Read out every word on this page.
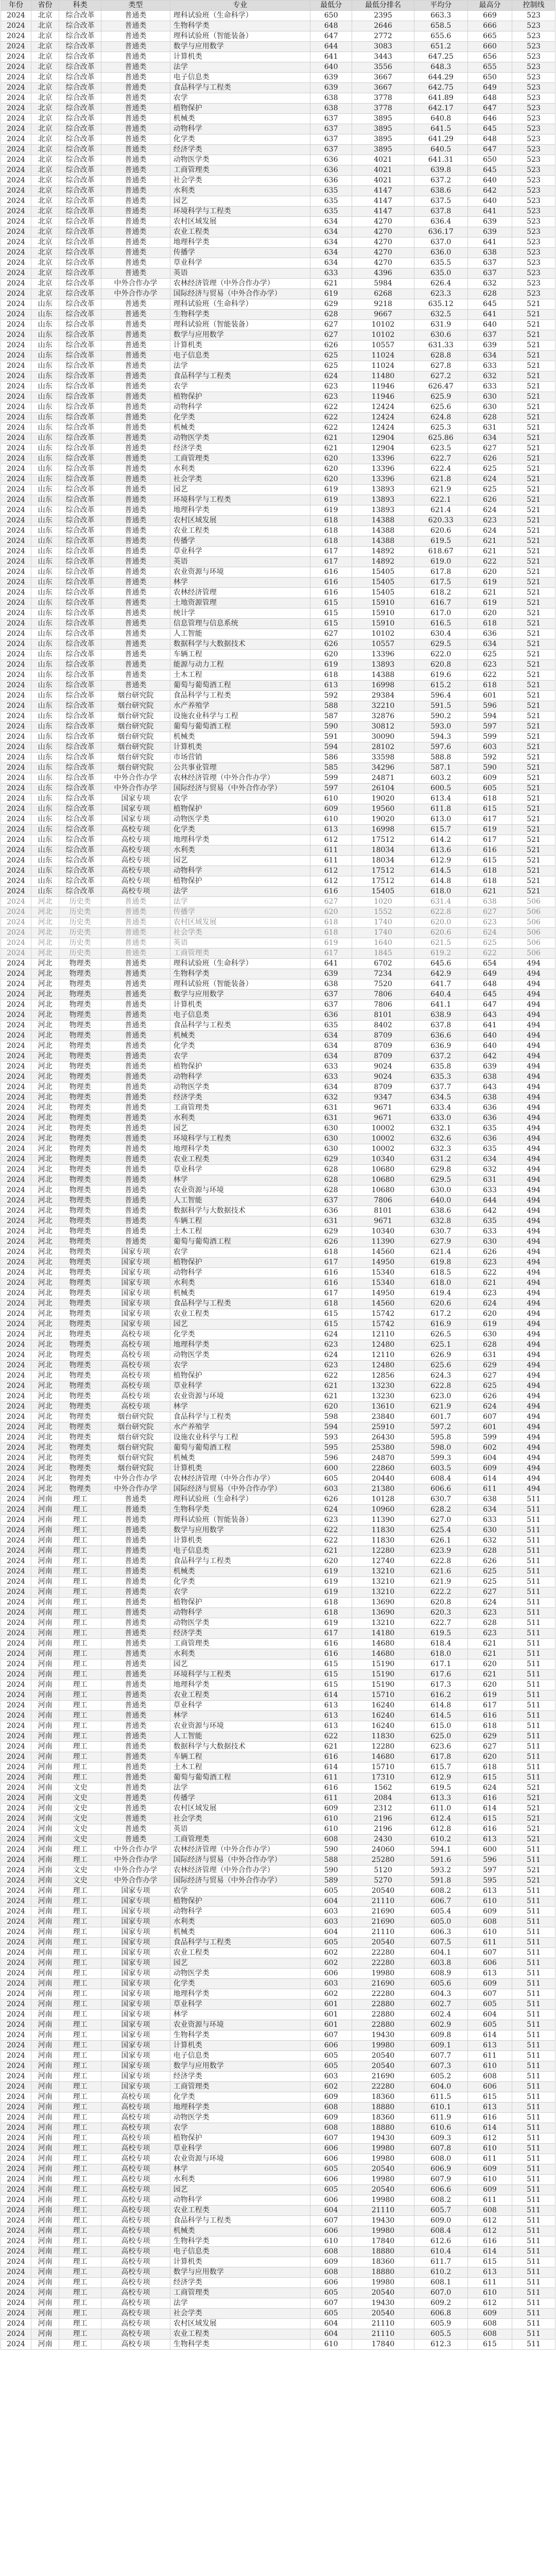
年份	省份	科类	类型	专业	最低分	最低分排名	平均分	最高分	控制线
2024	北京	综合改革	普通类	理科试验班（生命科学）	650	2395	663.3	669	523
2024	北京	综合改革	普通类	生物科学类	648	2646	658.5	666	523
2024	北京	综合改革	普通类	理科试验班（智能装备）	647	2772	655.6	665	523
2024	北京	综合改革	普通类	数学与应用数学	644	3083	651.2	660	523
2024	北京	综合改革	普通类	计算机类	641	3443	647.25	656	523
2024	北京	综合改革	普通类	法学	640	3556	648.3	655	523
2024	北京	综合改革	普通类	电子信息类	639	3667	644.29	650	523
2024	北京	综合改革	普通类	食品科学与工程类	639	3667	642.75	649	523
2024	北京	综合改革	普通类	农学	638	3778	641.89	648	523
2024	北京	综合改革	普通类	植物保护	638	3778	642.17	647	523
2024	北京	综合改革	普通类	机械类	637	3895	640.8	646	523
2024	北京	综合改革	普通类	动物科学	637	3895	641.5	645	523
2024	北京	综合改革	普通类	化学类	637	3895	641.29	648	523
2024	北京	综合改革	普通类	经济学类	637	3895	640.5	647	523
2024	北京	综合改革	普通类	动物医学类	636	4021	641.31	650	523
2024	北京	综合改革	普通类	工商管理类	636	4021	639.8	645	523
2024	北京	综合改革	普通类	社会学类	636	4021	637.2	640	523
2024	北京	综合改革	普通类	水利类	635	4147	638.6	642	523
2024	北京	综合改革	普通类	园艺	635	4147	637.5	640	523
2024	北京	综合改革	普通类	环境科学与工程类	635	4147	637.8	641	523
2024	北京	综合改革	普通类	农村区域发展	634	4270	636.4	639	523
2024	北京	综合改革	普通类	农业工程类	634	4270	636.17	639	523
2024	北京	综合改革	普通类	地理科学类	634	4270	637.0	641	523
2024	北京	综合改革	普通类	传播学	634	4270	636.0	638	523
2024	北京	综合改革	普通类	草业科学	634	4270	635.5	637	523
2024	北京	综合改革	普通类	英语	633	4396	635.0	637	523
2024	北京	综合改革	中外合作办学	农林经济管理（中外合作办学）	621	5984	626.4	632	523
2024	北京	综合改革	中外合作办学	国际经济与贸易（中外合作办学）	619	6268	623.3	628	523
2024	山东	综合改革	普通类	理科试验班（生命科学）	629	9218	635.12	645	521
2024	山东	综合改革	普通类	生物科学类	628	9667	632.5	641	521
2024	山东	综合改革	普通类	理科试验班（智能装备）	627	10102	631.9	640	521
2024	山东	综合改革	普通类	数学与应用数学	627	10102	630.6	637	521
2024	山东	综合改革	普通类	计算机类	626	10557	631.33	639	521
2024	山东	综合改革	普通类	电子信息类	625	11024	628.8	634	521
2024	山东	综合改革	普通类	法学	625	11024	627.8	633	521
2024	山东	综合改革	普通类	食品科学与工程类	624	11480	627.2	632	521
2024	山东	综合改革	普通类	农学	623	11946	626.47	633	521
2024	山东	综合改革	普通类	植物保护	623	11946	625.9	630	521
2024	山东	综合改革	普通类	动物科学	622	12424	625.6	630	521
2024	山东	综合改革	普通类	化学类	622	12424	624.8	628	521
2024	山东	综合改革	普通类	机械类	622	12424	625.3	631	521
2024	山东	综合改革	普通类	动物医学类	621	12904	625.86	634	521
2024	山东	综合改革	普通类	经济学类	621	12904	623.5	627	521
2024	山东	综合改革	普通类	工商管理类	620	13396	622.7	626	521
2024	山东	综合改革	普通类	水利类	620	13396	622.4	625	521
2024	山东	综合改革	普通类	社会学类	620	13396	621.8	624	521
2024	山东	综合改革	普通类	园艺	619	13893	621.9	625	521
2024	山东	综合改革	普通类	环境科学与工程类	619	13893	622.1	626	521
2024	山东	综合改革	普通类	地理科学类	619	13893	621.4	624	521
2024	山东	综合改革	普通类	农村区域发展	618	14388	620.33	623	521
2024	山东	综合改革	普通类	农业工程类	618	14388	620.6	624	521
2024	山东	综合改革	普通类	传播学	618	14388	619.5	621	521
2024	山东	综合改革	普通类	草业科学	617	14892	618.67	621	521
2024	山东	综合改革	普通类	英语	617	14892	619.0	622	521
2024	山东	综合改革	普通类	农业资源与环境	616	15405	617.8	620	521
2024	山东	综合改革	普通类	林学	616	15405	617.5	619	521
2024	山东	综合改革	普通类	农林经济管理	616	15405	618.2	621	521
2024	山东	综合改革	普通类	土地资源管理	615	15910	616.7	619	521
2024	山东	综合改革	普通类	统计学	615	15910	617.0	620	521
2024	山东	综合改革	普通类	信息管理与信息系统	615	15910	616.5	618	521
2024	山东	综合改革	普通类	人工智能	627	10102	630.4	636	521
2024	山东	综合改革	普通类	数据科学与大数据技术	626	10557	629.5	634	521
2024	山东	综合改革	普通类	车辆工程	620	13396	622.0	625	521
2024	山东	综合改革	普通类	能源与动力工程	619	13893	620.8	623	521
2024	山东	综合改革	普通类	土木工程	618	14388	619.6	622	521
2024	山东	综合改革	普通类	葡萄与葡萄酒工程	613	16998	615.2	618	521
2024	山东	综合改革	烟台研究院	食品科学与工程类	592	29384	596.4	601	521
2024	山东	综合改革	烟台研究院	水产养殖学	588	32210	591.5	596	521
2024	山东	综合改革	烟台研究院	设施农业科学与工程	587	32876	590.2	594	521
2024	山东	综合改革	烟台研究院	葡萄与葡萄酒工程	590	30812	593.0	597	521
2024	山东	综合改革	烟台研究院	机械类	591	30090	594.3	599	521
2024	山东	综合改革	烟台研究院	计算机类	594	28102	597.6	603	521
2024	山东	综合改革	烟台研究院	市场营销	586	33598	588.8	592	521
2024	山东	综合改革	烟台研究院	公共事业管理	585	34296	587.1	590	521
2024	山东	综合改革	中外合作办学	农林经济管理（中外合作办学）	599	24871	603.2	609	521
2024	山东	综合改革	中外合作办学	国际经济与贸易（中外合作办学）	597	26104	600.5	605	521
2024	山东	综合改革	国家专项	农学	610	19020	613.4	618	521
2024	山东	综合改革	国家专项	植物保护	609	19560	611.8	615	521
2024	山东	综合改革	国家专项	动物医学类	610	19020	613.0	617	521
2024	山东	综合改革	高校专项	化学类	613	16998	615.7	619	521
2024	山东	综合改革	高校专项	地理科学类	612	17512	614.2	617	521
2024	山东	综合改革	高校专项	水利类	611	18034	613.6	616	521
2024	山东	综合改革	高校专项	园艺	611	18034	612.9	615	521
2024	山东	综合改革	高校专项	动物科学	612	17512	614.5	618	521
2024	山东	综合改革	高校专项	植物保护	612	17512	614.8	618	521
2024	山东	综合改革	高校专项	法学	616	15405	618.0	621	521
2024	河北	历史类	普通类	法学	627	1020	631.4	638	506
2024	河北	历史类	普通类	传播学	620	1552	622.8	627	506
2024	河北	历史类	普通类	农村区域发展	618	1740	620.0	623	506
2024	河北	历史类	普通类	社会学类	618	1740	620.6	624	506
2024	河北	历史类	普通类	英语	619	1640	621.5	625	506
2024	河北	历史类	普通类	工商管理类	617	1845	619.2	622	506
2024	河北	物理类	普通类	理科试验班（生命科学）	641	6702	645.6	654	494
2024	河北	物理类	普通类	生物科学类	639	7234	642.9	649	494
2024	河北	物理类	普通类	理科试验班（智能装备）	638	7520	641.7	648	494
2024	河北	物理类	普通类	数学与应用数学	637	7806	640.4	645	494
2024	河北	物理类	普通类	计算机类	637	7806	641.1	647	494
2024	河北	物理类	普通类	电子信息类	636	8101	638.9	643	494
2024	河北	物理类	普通类	食品科学与工程类	635	8402	637.8	641	494
2024	河北	物理类	普通类	机械类	634	8709	636.6	640	494
2024	河北	物理类	普通类	化学类	634	8709	636.9	640	494
2024	河北	物理类	普通类	农学	634	8709	637.2	642	494
2024	河北	物理类	普通类	植物保护	633	9024	635.8	639	494
2024	河北	物理类	普通类	动物科学	633	9024	635.3	638	494
2024	河北	物理类	普通类	动物医学类	634	8709	637.7	643	494
2024	河北	物理类	普通类	经济学类	632	9347	634.5	638	494
2024	河北	物理类	普通类	工商管理类	631	9671	633.4	636	494
2024	河北	物理类	普通类	水利类	631	9671	633.0	636	494
2024	河北	物理类	普通类	园艺	630	10002	632.1	635	494
2024	河北	物理类	普通类	环境科学与工程类	630	10002	632.6	636	494
2024	河北	物理类	普通类	地理科学类	630	10002	632.3	635	494
2024	河北	物理类	普通类	农业工程类	629	10340	631.2	634	494
2024	河北	物理类	普通类	草业科学	628	10680	629.8	632	494
2024	河北	物理类	普通类	林学	628	10680	629.5	631	494
2024	河北	物理类	普通类	农业资源与环境	628	10680	630.0	633	494
2024	河北	物理类	普通类	人工智能	637	7806	640.0	644	494
2024	河北	物理类	普通类	数据科学与大数据技术	636	8101	638.6	642	494
2024	河北	物理类	普通类	车辆工程	631	9671	632.8	635	494
2024	河北	物理类	普通类	土木工程	629	10340	630.7	633	494
2024	河北	物理类	普通类	葡萄与葡萄酒工程	626	11390	627.9	630	494
2024	河北	物理类	国家专项	农学	618	14560	621.4	626	494
2024	河北	物理类	国家专项	植物保护	617	14950	619.8	623	494
2024	河北	物理类	国家专项	动物科学	616	15340	618.5	622	494
2024	河北	物理类	国家专项	水利类	616	15340	618.0	621	494
2024	河北	物理类	国家专项	机械类	617	14950	619.4	623	494
2024	河北	物理类	国家专项	食品科学与工程类	618	14560	620.6	624	494
2024	河北	物理类	国家专项	农业工程类	615	15742	617.2	620	494
2024	河北	物理类	国家专项	园艺	615	15742	616.9	619	494
2024	河北	物理类	高校专项	化学类	624	12110	626.5	630	494
2024	河北	物理类	高校专项	地理科学类	623	12480	625.1	628	494
2024	河北	物理类	高校专项	动物医学类	624	12110	626.9	631	494
2024	河北	物理类	高校专项	农学	623	12480	625.6	629	494
2024	河北	物理类	高校专项	植物保护	622	12856	624.3	627	494
2024	河北	物理类	高校专项	草业科学	621	13230	622.8	625	494
2024	河北	物理类	高校专项	农业资源与环境	621	13230	623.0	626	494
2024	河北	物理类	高校专项	林学	620	13610	621.9	624	494
2024	河北	物理类	烟台研究院	食品科学与工程类	598	23840	601.7	607	494
2024	河北	物理类	烟台研究院	水产养殖学	594	25910	597.2	601	494
2024	河北	物理类	烟台研究院	设施农业科学与工程	593	26430	595.8	599	494
2024	河北	物理类	烟台研究院	葡萄与葡萄酒工程	595	25380	598.0	602	494
2024	河北	物理类	烟台研究院	机械类	596	24870	599.3	604	494
2024	河北	物理类	烟台研究院	计算机类	600	22860	603.5	609	494
2024	河北	物理类	中外合作办学	农林经济管理（中外合作办学）	605	20440	608.4	614	494
2024	河北	物理类	中外合作办学	国际经济与贸易（中外合作办学）	603	21380	606.6	611	494
2024	河南	理工	普通类	理科试验班（生命科学）	626	10128	630.7	638	511
2024	河南	理工	普通类	生物科学类	624	10960	628.2	634	511
2024	河南	理工	普通类	理科试验班（智能装备）	623	11390	627.0	633	511
2024	河南	理工	普通类	数学与应用数学	622	11830	625.4	630	511
2024	河南	理工	普通类	计算机类	622	11830	626.1	632	511
2024	河南	理工	普通类	电子信息类	621	12280	623.9	628	511
2024	河南	理工	普通类	食品科学与工程类	620	12740	622.8	626	511
2024	河南	理工	普通类	机械类	619	13210	621.6	625	511
2024	河南	理工	普通类	化学类	619	13210	621.9	625	511
2024	河南	理工	普通类	农学	619	13210	622.2	627	511
2024	河南	理工	普通类	植物保护	618	13690	620.8	624	511
2024	河南	理工	普通类	动物科学	618	13690	620.3	623	511
2024	河南	理工	普通类	动物医学类	619	13210	622.7	628	511
2024	河南	理工	普通类	经济学类	617	14180	619.5	623	511
2024	河南	理工	普通类	工商管理类	616	14680	618.4	621	511
2024	河南	理工	普通类	水利类	616	14680	618.0	621	511
2024	河南	理工	普通类	园艺	615	15190	617.1	620	511
2024	河南	理工	普通类	环境科学与工程类	615	15190	617.6	621	511
2024	河南	理工	普通类	地理科学类	615	15190	617.3	620	511
2024	河南	理工	普通类	农业工程类	614	15710	616.2	619	511
2024	河南	理工	普通类	草业科学	613	16240	614.8	617	511
2024	河南	理工	普通类	林学	613	16240	614.5	616	511
2024	河南	理工	普通类	农业资源与环境	613	16240	615.0	618	511
2024	河南	理工	普通类	人工智能	622	11830	625.0	629	511
2024	河南	理工	普通类	数据科学与大数据技术	621	12280	623.6	627	511
2024	河南	理工	普通类	车辆工程	616	14680	617.8	620	511
2024	河南	理工	普通类	土木工程	614	15710	615.7	618	511
2024	河南	理工	普通类	葡萄与葡萄酒工程	611	17310	612.9	615	511
2024	河南	文史	普通类	法学	616	1562	619.5	624	521
2024	河南	文史	普通类	传播学	611	2084	613.3	616	521
2024	河南	文史	普通类	农村区域发展	609	2312	611.0	614	521
2024	河南	文史	普通类	社会学类	610	2196	612.4	615	521
2024	河南	文史	普通类	英语	610	2196	612.8	616	521
2024	河南	文史	普通类	工商管理类	608	2430	610.2	613	521
2024	河南	理工	中外合作办学	农林经济管理（中外合作办学）	590	24060	594.1	600	511
2024	河南	理工	中外合作办学	国际经济与贸易（中外合作办学）	588	25280	591.6	596	511
2024	河南	文史	中外合作办学	农林经济管理（中外合作办学）	590	5120	593.2	597	521
2024	河南	文史	中外合作办学	国际经济与贸易（中外合作办学）	589	5270	591.8	595	521
2024	河南	理工	国家专项	农学	605	20540	608.2	613	511
2024	河南	理工	国家专项	植物保护	604	21110	606.7	610	511
2024	河南	理工	国家专项	动物科学	603	21690	605.4	609	511
2024	河南	理工	国家专项	水利类	603	21690	605.0	608	511
2024	河南	理工	国家专项	机械类	604	21110	606.3	610	511
2024	河南	理工	国家专项	食品科学与工程类	605	20540	607.5	611	511
2024	河南	理工	国家专项	农业工程类	602	22280	604.1	607	511
2024	河南	理工	国家专项	园艺	602	22280	603.8	606	511
2024	河南	理工	国家专项	动物医学类	606	19980	608.9	613	511
2024	河南	理工	国家专项	化学类	603	21690	605.6	609	511
2024	河南	理工	国家专项	地理科学类	602	22280	604.3	607	511
2024	河南	理工	国家专项	草业科学	601	22880	602.7	605	511
2024	河南	理工	国家专项	林学	601	22880	602.4	604	511
2024	河南	理工	国家专项	农业资源与环境	601	22880	602.9	605	511
2024	河南	理工	国家专项	生物科学类	607	19430	609.8	614	511
2024	河南	理工	国家专项	计算机类	606	19980	609.1	613	511
2024	河南	理工	国家专项	电子信息类	605	20540	607.7	611	511
2024	河南	理工	国家专项	数学与应用数学	605	20540	607.3	610	511
2024	河南	理工	国家专项	经济学类	603	21690	605.2	608	511
2024	河南	理工	国家专项	工商管理类	602	22280	604.0	606	511
2024	河南	理工	高校专项	化学类	609	18360	611.5	615	511
2024	河南	理工	高校专项	地理科学类	608	18880	610.1	613	511
2024	河南	理工	高校专项	动物医学类	609	18360	611.9	616	511
2024	河南	理工	高校专项	农学	608	18880	610.6	614	511
2024	河南	理工	高校专项	植物保护	607	19430	609.3	612	511
2024	河南	理工	高校专项	草业科学	606	19980	607.8	610	511
2024	河南	理工	高校专项	农业资源与环境	606	19980	608.0	611	511
2024	河南	理工	高校专项	林学	605	20540	606.9	609	511
2024	河南	理工	高校专项	水利类	606	19980	607.9	610	511
2024	河南	理工	高校专项	园艺	605	20540	606.6	609	511
2024	河南	理工	高校专项	动物科学	606	19980	608.2	611	511
2024	河南	理工	高校专项	农业工程类	604	21110	605.7	608	511
2024	河南	理工	高校专项	食品科学与工程类	607	19430	609.0	612	511
2024	河南	理工	高校专项	机械类	606	19980	608.4	612	511
2024	河南	理工	高校专项	生物科学类	610	17840	612.6	616	511
2024	河南	理工	高校专项	电子信息类	608	18880	610.4	614	511
2024	河南	理工	高校专项	计算机类	609	18360	611.7	615	511
2024	河南	理工	高校专项	数学与应用数学	608	18880	610.2	613	511
2024	河南	理工	高校专项	经济学类	606	19980	608.1	611	511
2024	河南	理工	高校专项	工商管理类	605	20540	607.0	610	511
2024	河南	理工	高校专项	法学	607	19430	609.2	612	511
2024	河南	理工	高校专项	社会学类	605	20540	606.8	609	511
2024	河南	理工	高校专项	农村区域发展	604	21110	605.9	608	511
2024	河南	理工	高校专项	农业工程类	604	21110	605.5	608	511
2024	河南	理工	高校专项	生物科学类	610	17840	612.3	615	511
